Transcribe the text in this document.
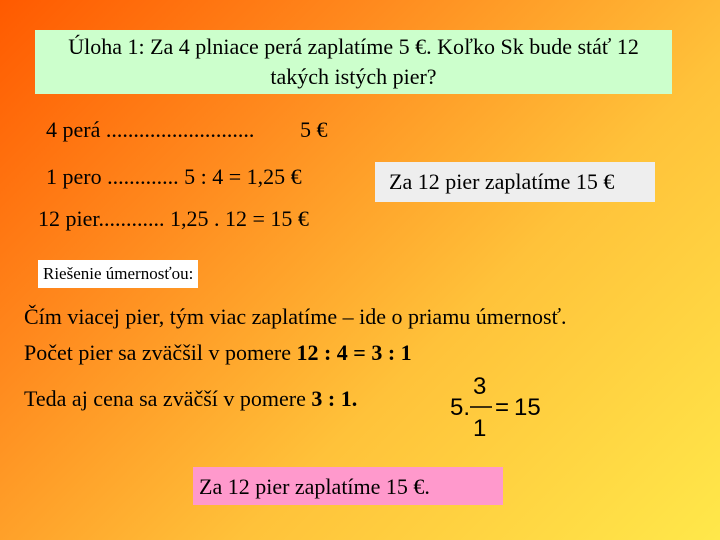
Úloha 1: Za 4 plniace perá zaplatíme 5 €. Koľko Sk bude stáť 12
takých istých pier?
4 perá ........................... 5 €
1 pero ............. 5 : 4 = 1,25 €	Za 12 pier zaplatíme 15 €
12 pier............ 1,25 . 12 = 15 €
Riešenie úmernosťou:
Čím viacej pier, tým viac zaplatíme – ide o priamu úmernosť.
Počet pier sa zväčšil v pomere 12 : 4 = 3 : 1
Teda aj cena sa zväčší v pomere 3 : 1.	5.
3
1
= 15
Za 12 pier zaplatíme 15 €.
